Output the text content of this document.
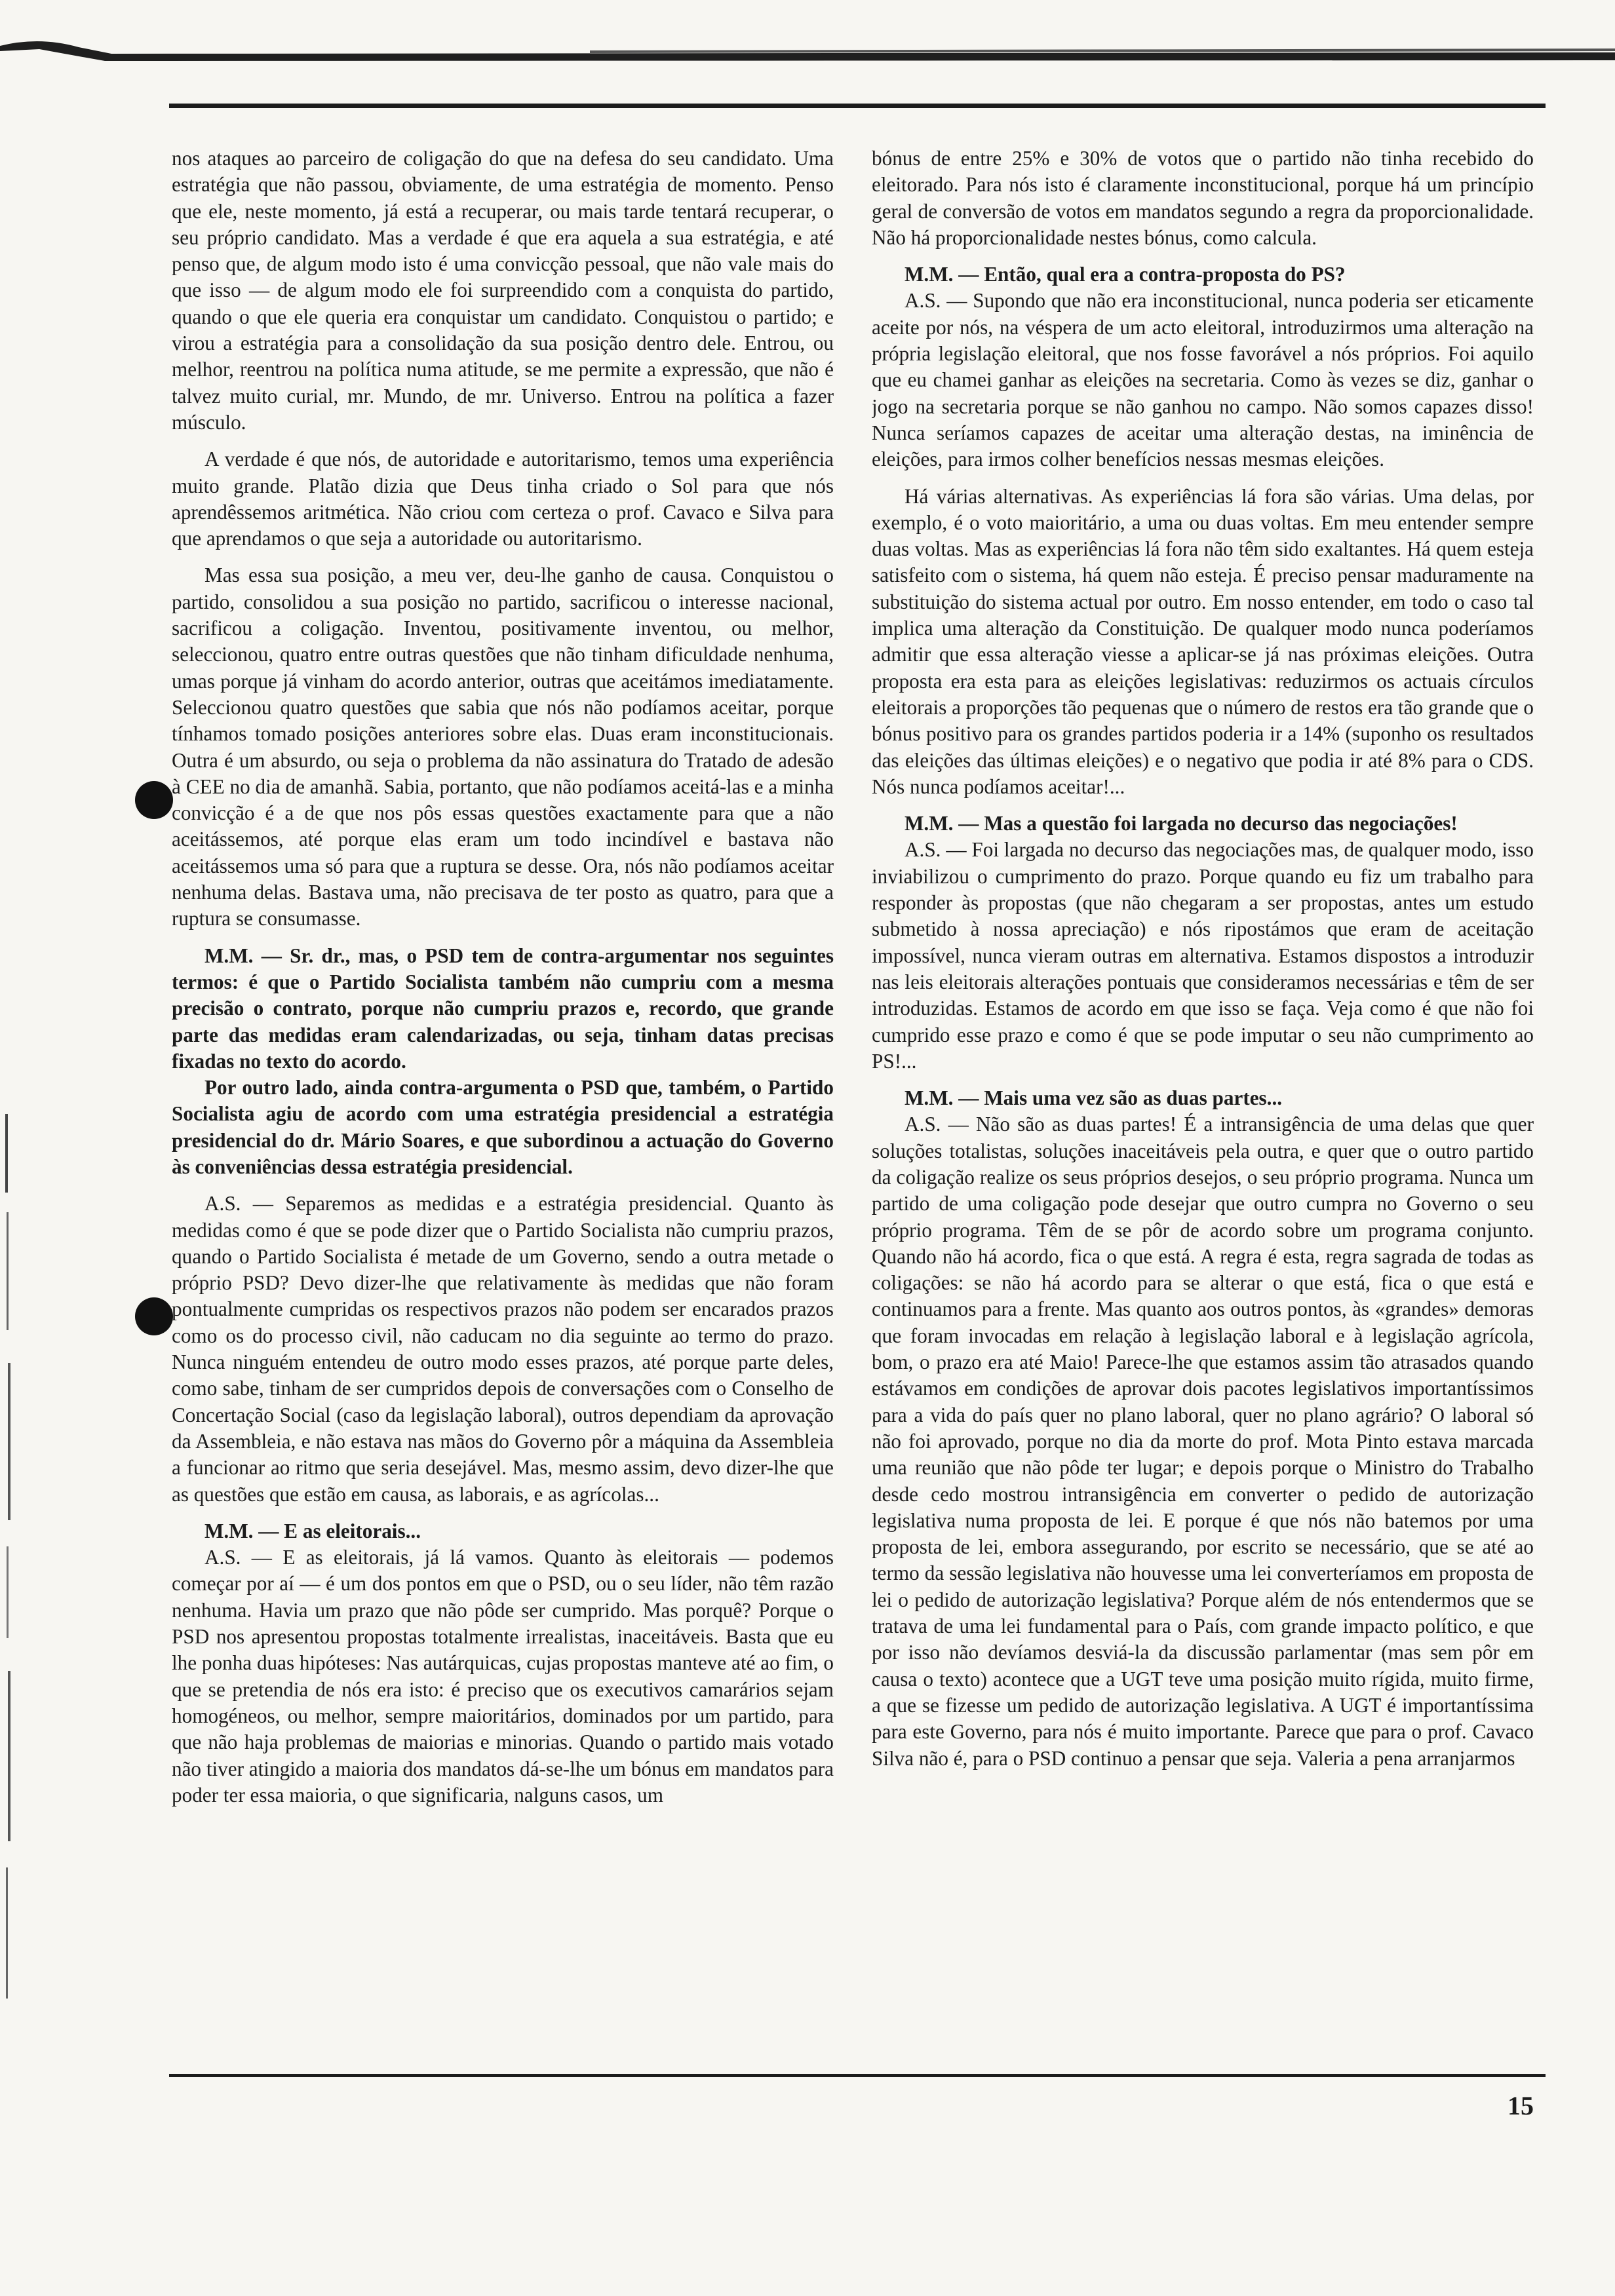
nos ataques ao parceiro de coligação do que na defesa do seu candidato. Uma estratégia que não passou, obviamente, de uma estratégia de momento. Penso que ele, neste momento, já está a recuperar, ou mais tarde tentará recuperar, o seu próprio candidato. Mas a verdade é que era aquela a sua estratégia, e até penso que, de algum modo isto é uma convicção pessoal, que não vale mais do que isso — de algum modo ele foi surpreendido com a conquista do partido, quando o que ele queria era conquistar um candidato. Conquistou o partido; e virou a estratégia para a consolidação da sua posição dentro dele. Entrou, ou melhor, reentrou na política numa atitude, se me permite a expressão, que não é talvez muito curial, mr. Mundo, de mr. Universo. Entrou na política a fazer músculo.

A verdade é que nós, de autoridade e autoritarismo, temos uma experiência muito grande. Platão dizia que Deus tinha criado o Sol para que nós aprendêssemos aritmética. Não criou com certeza o prof. Cavaco e Silva para que aprendamos o que seja a autoridade ou autoritarismo.

Mas essa sua posição, a meu ver, deu-lhe ganho de causa. Conquistou o partido, consolidou a sua posição no partido, sacrificou o interesse nacional, sacrificou a coligação. Inventou, positivamente inventou, ou melhor, seleccionou, quatro entre outras questões que não tinham dificuldade nenhuma, umas porque já vinham do acordo anterior, outras que aceitámos imediatamente. Seleccionou quatro questões que sabia que nós não podíamos aceitar, porque tínhamos tomado posições anteriores sobre elas. Duas eram inconstitucionais. Outra é um absurdo, ou seja o problema da não assinatura do Tratado de adesão à CEE no dia de amanhã. Sabia, portanto, que não podíamos aceitá-las e a minha convicção é a de que nos pôs essas questões exactamente para que a não aceitássemos, até porque elas eram um todo incindível e bastava não aceitássemos uma só para que a ruptura se desse. Ora, nós não podíamos aceitar nenhuma delas. Bastava uma, não precisava de ter posto as quatro, para que a ruptura se consumasse.

M.M. — Sr. dr., mas, o PSD tem de contra-argumentar nos seguintes termos: é que o Partido Socialista também não cumpriu com a mesma precisão o contrato, porque não cumpriu prazos e, recordo, que grande parte das medidas eram calendarizadas, ou seja, tinham datas precisas fixadas no texto do acordo.

Por outro lado, ainda contra-argumenta o PSD que, também, o Partido Socialista agiu de acordo com uma estratégia presidencial a estratégia presidencial do dr. Mário Soares, e que subordinou a actuação do Governo às conveniências dessa estratégia presidencial.

A.S. — Separemos as medidas e a estratégia presidencial. Quanto às medidas como é que se pode dizer que o Partido Socialista não cumpriu prazos, quando o Partido Socialista é metade de um Governo, sendo a outra metade o próprio PSD? Devo dizer-lhe que relativamente às medidas que não foram pontualmente cumpridas os respectivos prazos não podem ser encarados prazos como os do processo civil, não caducam no dia seguinte ao termo do prazo. Nunca ninguém entendeu de outro modo esses prazos, até porque parte deles, como sabe, tinham de ser cumpridos depois de conversações com o Conselho de Concertação Social (caso da legislação laboral), outros dependiam da aprovação da Assembleia, e não estava nas mãos do Governo pôr a máquina da Assembleia a funcionar ao ritmo que seria desejável. Mas, mesmo assim, devo dizer-lhe que as questões que estão em causa, as laborais, e as agrícolas...

M.M. — E as eleitorais...

A.S. — E as eleitorais, já lá vamos. Quanto às eleitorais — podemos começar por aí — é um dos pontos em que o PSD, ou o seu líder, não têm razão nenhuma. Havia um prazo que não pôde ser cumprido. Mas porquê? Porque o PSD nos apresentou propostas totalmente irrealistas, inaceitáveis. Basta que eu lhe ponha duas hipóteses: Nas autárquicas, cujas propostas manteve até ao fim, o que se pretendia de nós era isto: é preciso que os executivos camarários sejam homogéneos, ou melhor, sempre maioritários, dominados por um partido, para que não haja problemas de maiorias e minorias. Quando o partido mais votado não tiver atingido a maioria dos mandatos dá-se-lhe um bónus em mandatos para poder ter essa maioria, o que significaria, nalguns casos, um

bónus de entre 25% e 30% de votos que o partido não tinha recebido do eleitorado. Para nós isto é claramente inconstitucional, porque há um princípio geral de conversão de votos em mandatos segundo a regra da proporcionalidade. Não há proporcionalidade nestes bónus, como calcula.

M.M. — Então, qual era a contra-proposta do PS?

A.S. — Supondo que não era inconstitucional, nunca poderia ser eticamente aceite por nós, na véspera de um acto eleitoral, introduzirmos uma alteração na própria legislação eleitoral, que nos fosse favorável a nós próprios. Foi aquilo que eu chamei ganhar as eleições na secretaria. Como às vezes se diz, ganhar o jogo na secretaria porque se não ganhou no campo. Não somos capazes disso! Nunca seríamos capazes de aceitar uma alteração destas, na iminência de eleições, para irmos colher benefícios nessas mesmas eleições.

Há várias alternativas. As experiências lá fora são várias. Uma delas, por exemplo, é o voto maioritário, a uma ou duas voltas. Em meu entender sempre duas voltas. Mas as experiências lá fora não têm sido exaltantes. Há quem esteja satisfeito com o sistema, há quem não esteja. É preciso pensar maduramente na substituição do sistema actual por outro. Em nosso entender, em todo o caso tal implica uma alteração da Constituição. De qualquer modo nunca poderíamos admitir que essa alteração viesse a aplicar-se já nas próximas eleições. Outra proposta era esta para as eleições legislativas: reduzirmos os actuais círculos eleitorais a proporções tão pequenas que o número de restos era tão grande que o bónus positivo para os grandes partidos poderia ir a 14% (suponho os resultados das eleições das últimas eleições) e o negativo que podia ir até 8% para o CDS. Nós nunca podíamos aceitar!...

M.M. — Mas a questão foi largada no decurso das negociações!

A.S. — Foi largada no decurso das negociações mas, de qualquer modo, isso inviabilizou o cumprimento do prazo. Porque quando eu fiz um trabalho para responder às propostas (que não chegaram a ser propostas, antes um estudo submetido à nossa apreciação) e nós ripostámos que eram de aceitação impossível, nunca vieram outras em alternativa. Estamos dispostos a introduzir nas leis eleitorais alterações pontuais que consideramos necessárias e têm de ser introduzidas. Estamos de acordo em que isso se faça. Veja como é que não foi cumprido esse prazo e como é que se pode imputar o seu não cumprimento ao PS!...

M.M. — Mais uma vez são as duas partes...

A.S. — Não são as duas partes! É a intransigência de uma delas que quer soluções totalistas, soluções inaceitáveis pela outra, e quer que o outro partido da coligação realize os seus próprios desejos, o seu próprio programa. Nunca um partido de uma coligação pode desejar que outro cumpra no Governo o seu próprio programa. Têm de se pôr de acordo sobre um programa conjunto. Quando não há acordo, fica o que está. A regra é esta, regra sagrada de todas as coligações: se não há acordo para se alterar o que está, fica o que está e continuamos para a frente. Mas quanto aos outros pontos, às «grandes» demoras que foram invocadas em relação à legislação laboral e à legislação agrícola, bom, o prazo era até Maio! Parece-lhe que estamos assim tão atrasados quando estávamos em condições de aprovar dois pacotes legislativos importantíssimos para a vida do país quer no plano laboral, quer no plano agrário? O laboral só não foi aprovado, porque no dia da morte do prof. Mota Pinto estava marcada uma reunião que não pôde ter lugar; e depois porque o Ministro do Trabalho desde cedo mostrou intransigência em converter o pedido de autorização legislativa numa proposta de lei. E porque é que nós não batemos por uma proposta de lei, embora assegurando, por escrito se necessário, que se até ao termo da sessão legislativa não houvesse uma lei converteríamos em proposta de lei o pedido de autorização legislativa? Porque além de nós entendermos que se tratava de uma lei fundamental para o País, com grande impacto político, e que por isso não devíamos desviá-la da discussão parlamentar (mas sem pôr em causa o texto) acontece que a UGT teve uma posição muito rígida, muito firme, a que se fizesse um pedido de autorização legislativa. A UGT é importantíssima para este Governo, para nós é muito importante. Parece que para o prof. Cavaco Silva não é, para o PSD continuo a pensar que seja. Valeria a pena arranjarmos

15
